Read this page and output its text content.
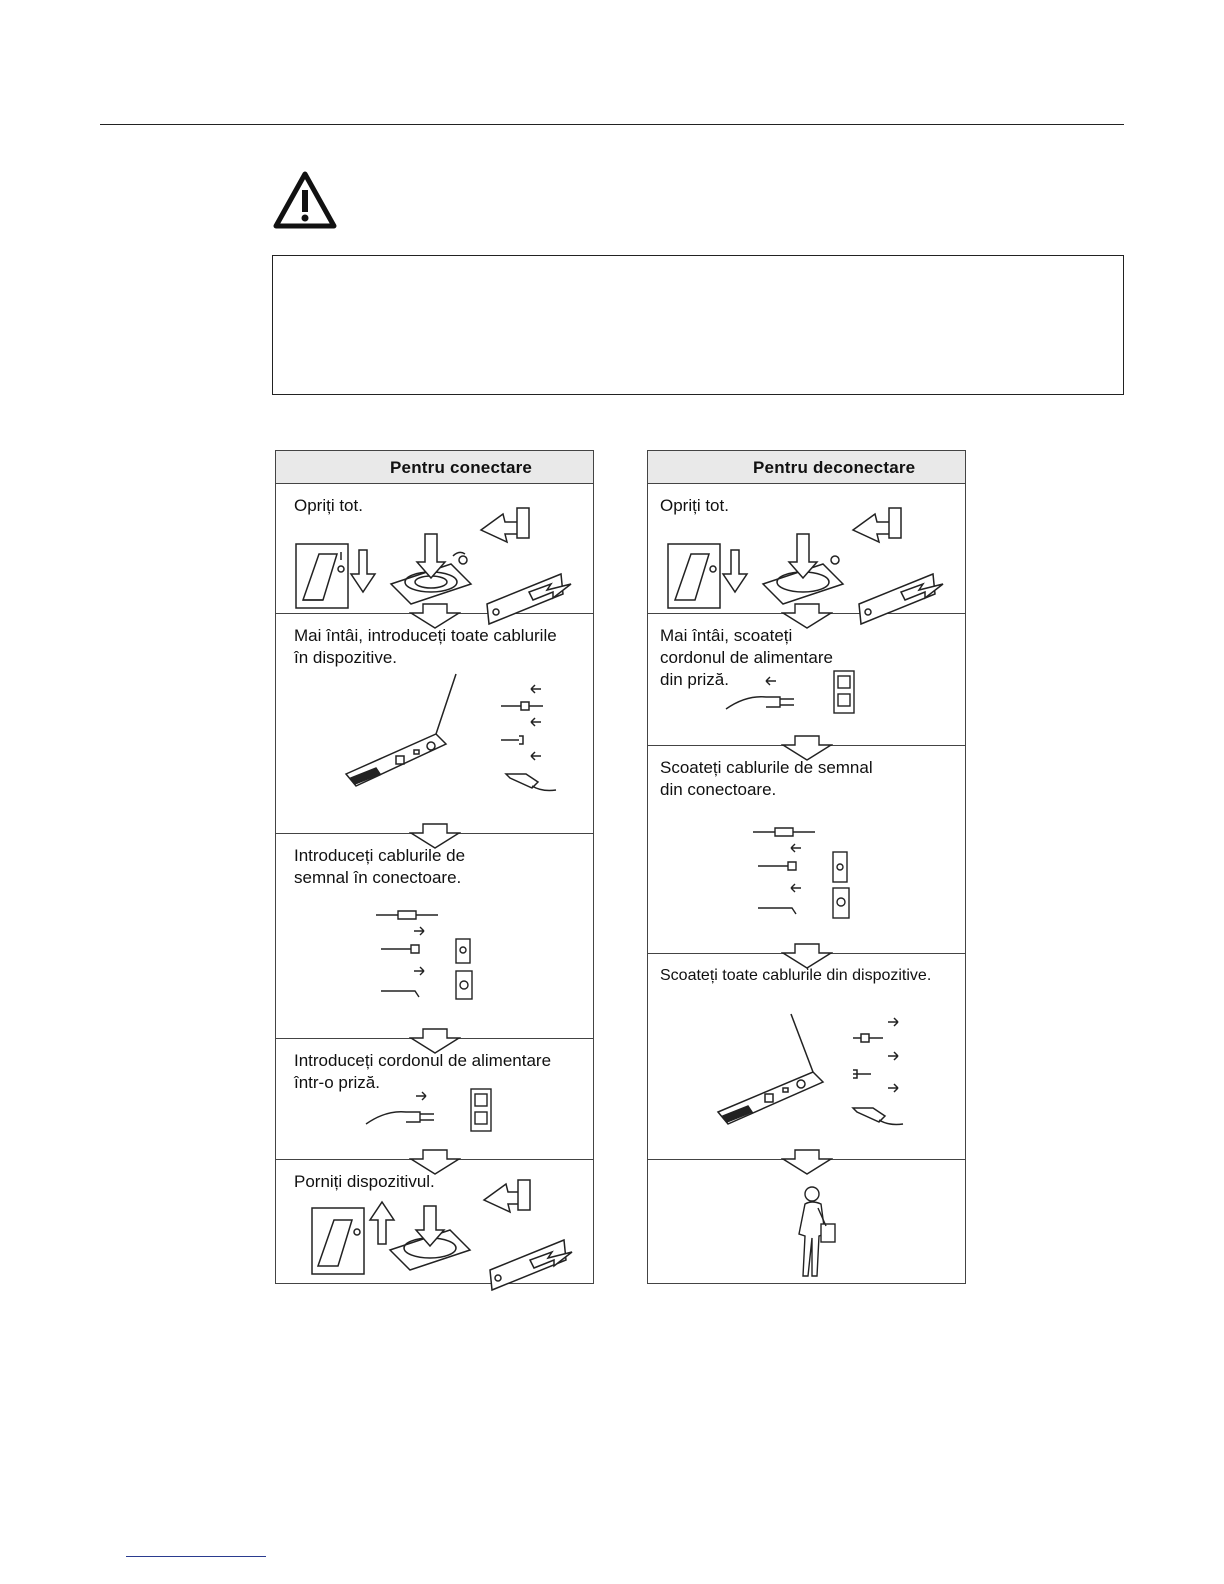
Pentru conectare
Opriți tot.
Mai întâi, introduceți toate cablurile
în dispozitive.
Introduceți cablurile de
semnal în conectoare.
Introduceți cordonul de alimentare
într-o priză.
Porniți dispozitivul.
Pentru deconectare
Opriți tot.
Mai întâi, scoateți
cordonul de alimentare
din priză.
Scoateți cablurile de semnal
din conectoare.
Scoateți toate cablurile din dispozitive.
